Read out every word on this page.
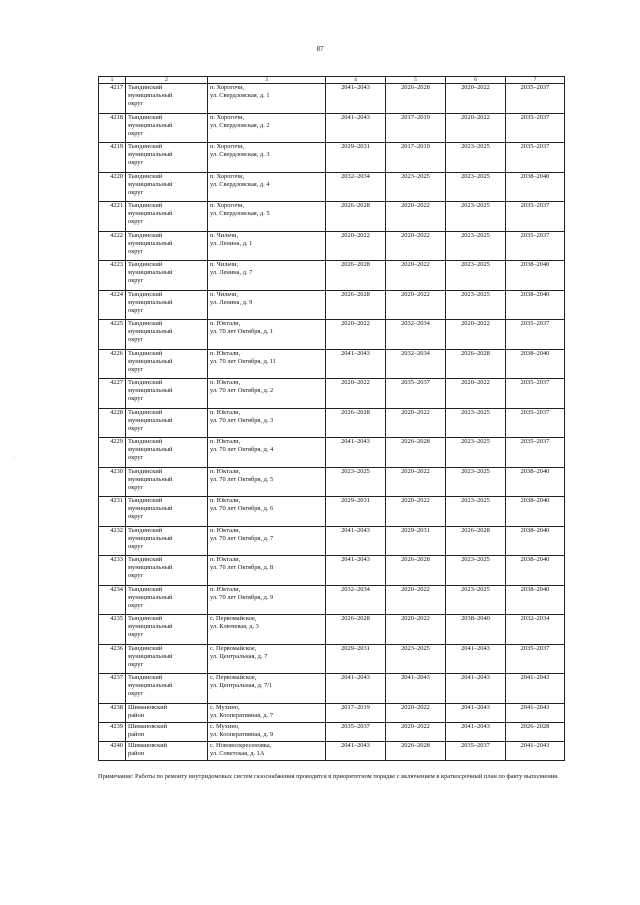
87
. .
1	2	3	4	5	6	7
4217	Тындинский
муниципальный
округ	п. Хорогочи,
ул. Свердловская, д. 1	2041–2043	2026–2028	2020–2022	2035–2037
4218	Тындинский
муниципальный
округ	п. Хорогочи,
ул. Свердловская, д. 2	2041–2043	2017–2019	2020–2022	2035–2037
4219	Тындинский
муниципальный
округ	п. Хорогочи,
ул. Свердловская, д. 3	2029–2031	2017–2019	2023–2025	2035–2037
4220	Тындинский
муниципальный
округ	п. Хорогочи,
ул. Свердловская, д. 4	2032–2034	2023–2025	2023–2025	2038–2040
4221	Тындинский
муниципальный
округ	п. Хорогочи,
ул. Свердловская, д. 5	2026–2028	2020–2022	2023–2025	2035–2037
4222	Тындинский
муниципальный
округ	п. Чильчи,
ул. Ленина, д. 1	2020–2022	2020–2022	2023–2025	2035–2037
4223	Тындинский
муниципальный
округ	п. Чильчи,
ул. Ленина, д. 7	2026–2028	2020–2022	2023–2025	2038–2040
4224	Тындинский
муниципальный
округ	п. Чильчи,
ул. Ленина, д. 9	2026–2028	2020–2022	2023–2025	2038–2040
4225	Тындинский
муниципальный
округ	п. Юктали,
ул. 70 лет Октября, д. 1	2020–2022	2032–2034	2020–2022	2035–2037
4226	Тындинский
муниципальный
округ	п. Юктали,
ул. 70 лет Октября, д. 11	2041–2043	2032–2034	2026–2028	2038–2040
4227	Тындинский
муниципальный
округ	п. Юктали,
ул. 70 лет Октября, д. 2	2020–2022	2035–2037	2020–2022	2035–2037
4228	Тындинский
муниципальный
округ	п. Юктали,
ул. 70 лет Октября, д. 3	2026–2028	2020–2022	2023–2025	2035–2037
4229	Тындинский
муниципальный
округ	п. Юктали,
ул. 70 лет Октября, д. 4	2041–2043	2026–2028	2023–2025	2035–2037
4230	Тындинский
муниципальный
округ	п. Юктали,
ул. 70 лет Октября, д. 5	2023–2025	2020–2022	2023–2025	2038–2040
4231	Тындинский
муниципальный
округ	п. Юктали,
ул. 70 лет Октября, д. 6	2029–2031	2020–2022	2023–2025	2038–2040
4232	Тындинский
муниципальный
округ	п. Юктали,
ул. 70 лет Октября, д. 7	2041–2043	2029–2031	2026–2028	2038–2040
4233	Тындинский
муниципальный
округ	п. Юктали,
ул. 70 лет Октября, д. 8	2041–2043	2026–2028	2023–2025	2038–2040
4234	Тындинский
муниципальный
округ	п. Юктали,
ул. 70 лет Октября, д. 9	2032–2034	2020–2022	2023–2025	2038–2040
4235	Тындинский
муниципальный
округ	с. Первомайское,
ул. Ключевая, д. 3	2026–2028	2020–2022	2038–2040	2032–2034
4236	Тындинский
муниципальный
округ	с. Первомайское,
ул. Центральная, д. 7	2029–2031	2023–2025	2041–2043	2035–2037
4237	Тындинский
муниципальный
округ	с. Первомайское,
ул. Центральная, д. 7/1	2041–2043	2041–2043	2041–2043	2041–2043
4238	Шимановский
район	с. Мухино,
ул. Кооперативная, д. 7	2017–2019	2020–2022	2041–2043	2041–2043
4239	Шимановский
район	с. Мухино,
ул. Кооперативная, д. 9	2035–2037	2020–2022	2041–2043	2026–2028
4240	Шимановский
район	с. Нововоскресеновка,
ул. Советская, д. 1А	2041–2043	2026–2028	2035–2037	2041–2043
Примечание: Работы по ремонту внутридомовых систем газоснабжения проводятся в приоритетном порядке с включением в краткосрочный план по факту выполнения.
